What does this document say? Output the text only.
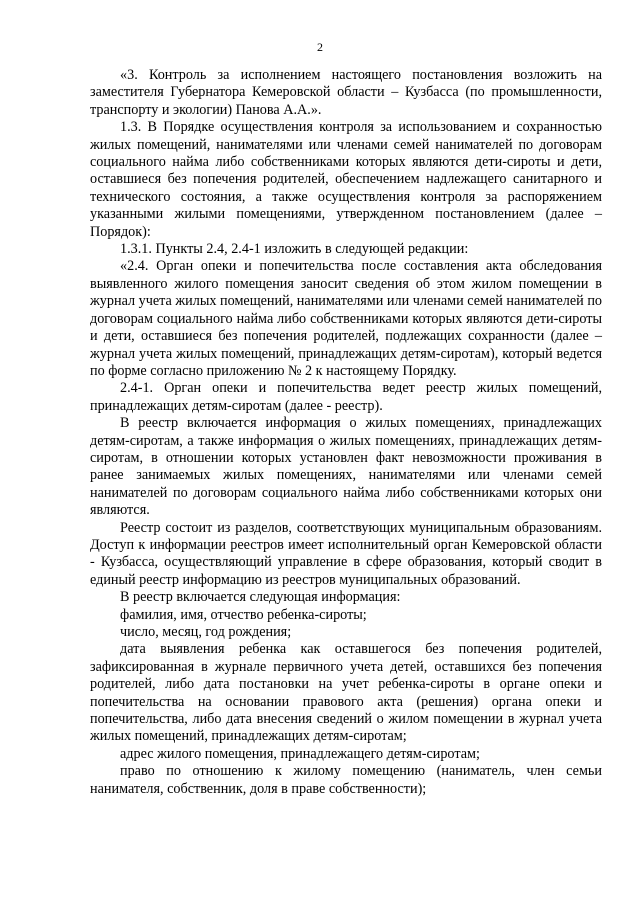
2

«3. Контроль за исполнением настоящего постановления возложить на заместителя Губернатора Кемеровской области – Кузбасса (по промышленности, транспорту и экологии) Панова А.А.».

1.3. В Порядке осуществления контроля за использованием и сохранностью жилых помещений, нанимателями или членами семей нанимателей по договорам социального найма либо собственниками которых являются дети-сироты и дети, оставшиеся без попечения родителей, обеспечением надлежащего санитарного и технического состояния, а также осуществления контроля за распоряжением указанными жилыми помещениями, утвержденном постановлением (далее – Порядок):

1.3.1. Пункты 2.4, 2.4-1 изложить в следующей редакции:

«2.4. Орган опеки и попечительства после составления акта обследования выявленного жилого помещения заносит сведения об этом жилом помещении в журнал учета жилых помещений, нанимателями или членами семей нанимателей по договорам социального найма либо собственниками которых являются дети-сироты и дети, оставшиеся без попечения родителей, подлежащих сохранности (далее – журнал учета жилых помещений, принадлежащих детям-сиротам), который ведется по форме согласно приложению № 2 к настоящему Порядку.

2.4-1. Орган опеки и попечительства ведет реестр жилых помещений, принадлежащих детям-сиротам (далее - реестр).

В реестр включается информация о жилых помещениях, принадлежащих детям-сиротам, а также информация о жилых помещениях, принадлежащих детям-сиротам, в отношении которых установлен факт невозможности проживания в ранее занимаемых жилых помещениях, нанимателями или членами семей нанимателей по договорам социального найма либо собственниками которых они являются.

Реестр состоит из разделов, соответствующих муниципальным образованиям. Доступ к информации реестров имеет исполнительный орган Кемеровской области - Кузбасса, осуществляющий управление в сфере образования, который сводит в единый реестр информацию из реестров муниципальных образований.

В реестр включается следующая информация:

фамилия, имя, отчество ребенка-сироты;

число, месяц, год рождения;

дата выявления ребенка как оставшегося без попечения родителей, зафиксированная в журнале первичного учета детей, оставшихся без попечения родителей, либо дата постановки на учет ребенка-сироты в органе опеки и попечительства на основании правового акта (решения) органа опеки и попечительства, либо дата внесения сведений о жилом помещении в журнал учета жилых помещений, принадлежащих детям-сиротам;

адрес жилого помещения, принадлежащего детям-сиротам;

право по отношению к жилому помещению (наниматель, член семьи нанимателя, собственник, доля в праве собственности);
